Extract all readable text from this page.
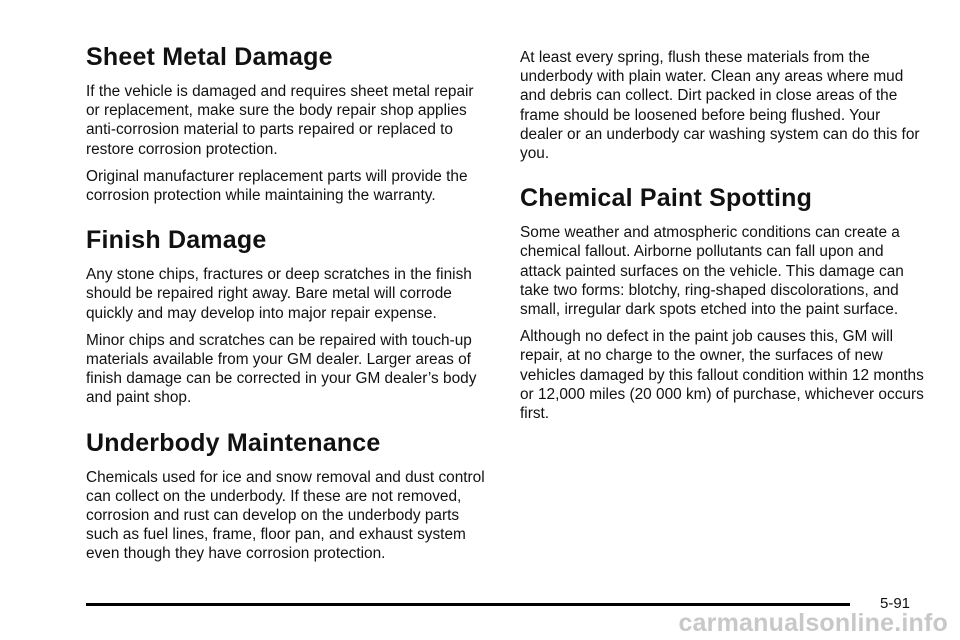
Sheet Metal Damage

If the vehicle is damaged and requires sheet metal repair or replacement, make sure the body repair shop applies anti-corrosion material to parts repaired or replaced to restore corrosion protection.

Original manufacturer replacement parts will provide the corrosion protection while maintaining the warranty.

Finish Damage

Any stone chips, fractures or deep scratches in the finish should be repaired right away. Bare metal will corrode quickly and may develop into major repair expense.

Minor chips and scratches can be repaired with touch-up materials available from your GM dealer. Larger areas of finish damage can be corrected in your GM dealer’s body and paint shop.

Underbody Maintenance

Chemicals used for ice and snow removal and dust control can collect on the underbody. If these are not removed, corrosion and rust can develop on the underbody parts such as fuel lines, frame, floor pan, and exhaust system even though they have corrosion protection.

At least every spring, flush these materials from the underbody with plain water. Clean any areas where mud and debris can collect. Dirt packed in close areas of the frame should be loosened before being flushed. Your dealer or an underbody car washing system can do this for you.

Chemical Paint Spotting

Some weather and atmospheric conditions can create a chemical fallout. Airborne pollutants can fall upon and attack painted surfaces on the vehicle. This damage can take two forms: blotchy, ring-shaped discolorations, and small, irregular dark spots etched into the paint surface.

Although no defect in the paint job causes this, GM will repair, at no charge to the owner, the surfaces of new vehicles damaged by this fallout condition within 12 months or 12,000 miles (20 000 km) of purchase, whichever occurs first.

5-91
carmanualsonline.info
